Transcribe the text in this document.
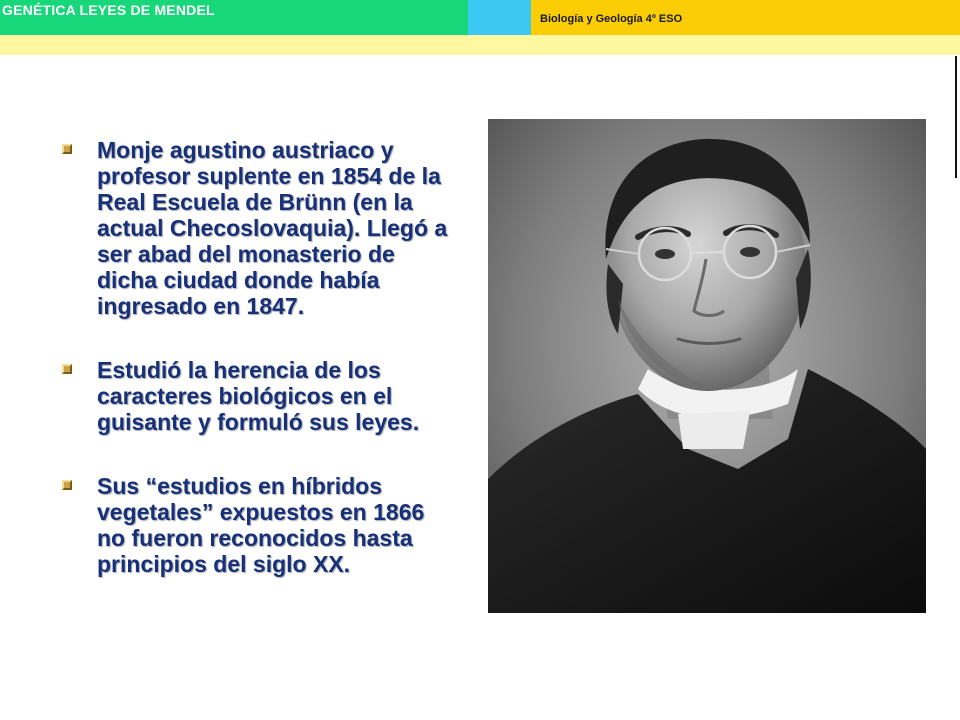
GENÉTICA LEYES DE MENDEL

Biología y Geología 4º ESO

Monje agustino austriaco y profesor suplente en 1854 de la Real Escuela de Brünn (en la actual Checoslovaquia). Llegó a ser abad del monasterio de dicha ciudad donde había ingresado en 1847.
Estudió la herencia de los caracteres biológicos en el guisante y formuló sus leyes.
Sus “estudios en híbridos vegetales” expuestos en 1866 no fueron reconocidos hasta principios del siglo XX.
